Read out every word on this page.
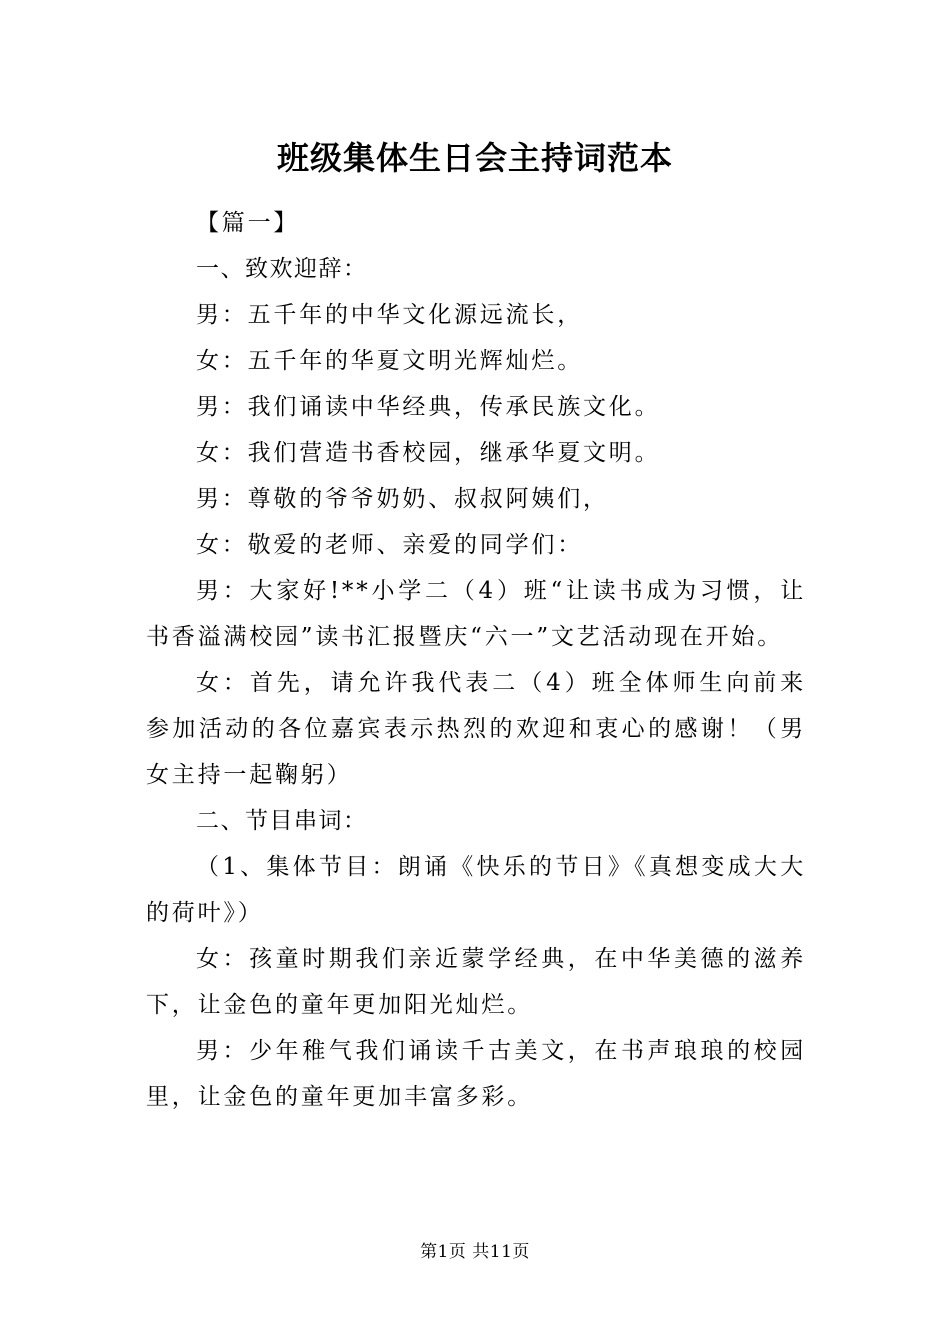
班级集体生日会主持词范本

【篇一】

一、致欢迎辞：

男：五千年的中华文化源远流长，

女：五千年的华夏文明光辉灿烂。

男：我们诵读中华经典，传承民族文化。

女：我们营造书香校园，继承华夏文明。

男：尊敬的爷爷奶奶、叔叔阿姨们，

女：敬爱的老师、亲爱的同学们：

男：大家好!**小学二（4）班“让读书成为习惯，让书香溢满校园”读书汇报暨庆“六一”文艺活动现在开始。

女：首先，请允许我代表二（4）班全体师生向前来参加活动的各位嘉宾表示热烈的欢迎和衷心的感谢！（男女主持一起鞠躬）

二、节目串词：

（1、集体节目：朗诵《快乐的节日》《真想变成大大的荷叶》）

女：孩童时期我们亲近蒙学经典，在中华美德的滋养下，让金色的童年更加阳光灿烂。

男：少年稚气我们诵读千古美文，在书声琅琅的校园里，让金色的童年更加丰富多彩。

第1页 共11页
